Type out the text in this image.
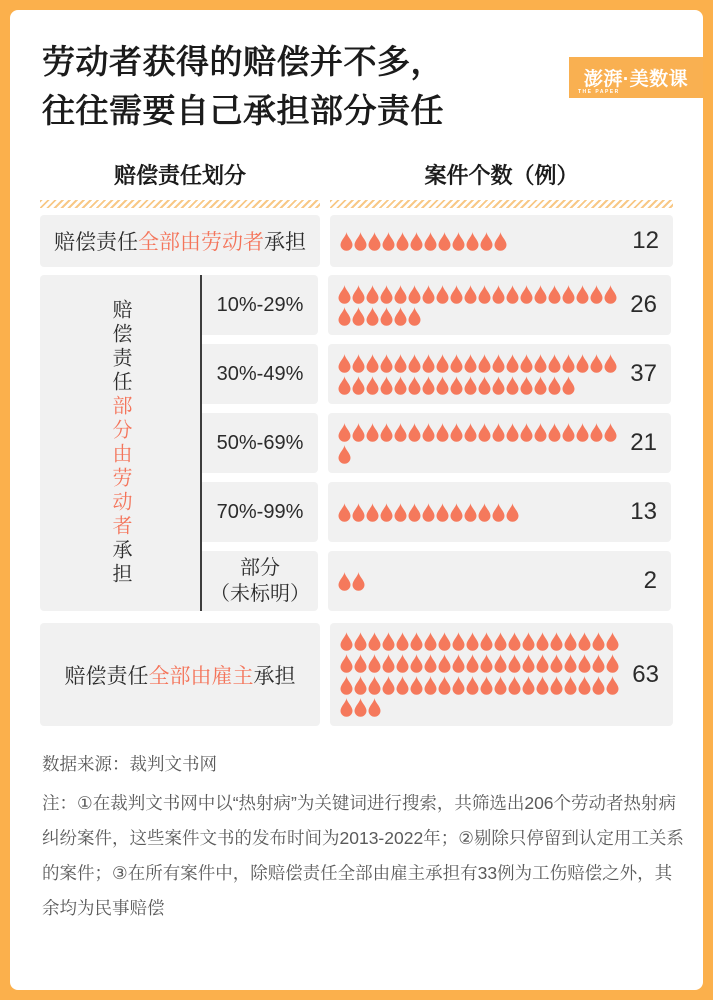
劳动者获得的赔偿并不多，
往往需要自己承担部分责任
澎湃·美数课
THE PAPER
赔偿责任划分	案件个数（例）
赔偿责任全部由劳动者承担	12
赔偿责任部分由劳动者承担
10%-29%	26
30%-49%	37
50%-69%	21
70%-99%	13
部分
（未标明）	2
赔偿责任全部由雇主承担	63

数据来源：裁判文书网

注：①在裁判文书网中以“热射病”为关键词进行搜索，共筛选出206个劳动者热射病纠纷案件，这些案件文书的发布时间为2013-2022年；②剔除只停留到认定用工关系的案件；③在所有案件中，除赔偿责任全部由雇主承担有33例为工伤赔偿之外，其余均为民事赔偿
